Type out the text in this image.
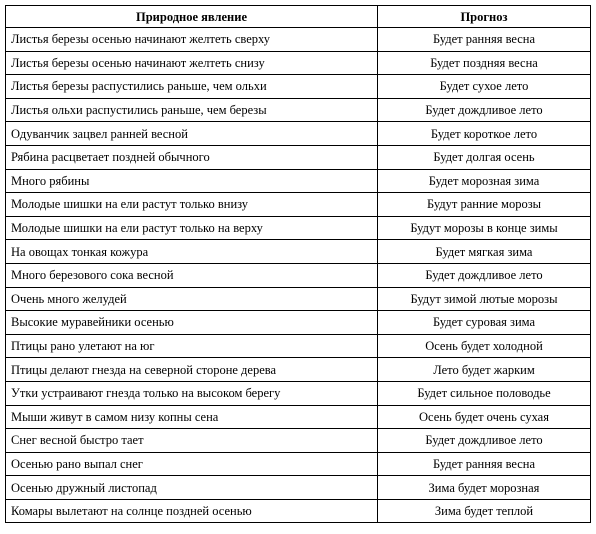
Природное явление	Прогноз
Листья березы осенью начинают желтеть сверху	Будет ранняя весна
Листья березы осенью начинают желтеть снизу	Будет поздняя весна
Листья березы распустились раньше, чем ольхи	Будет сухое лето
Листья ольхи распустились раньше, чем березы	Будет дождливое лето
Одуванчик зацвел ранней весной	Будет короткое лето
Рябина расцветает поздней обычного	Будет долгая осень
Много рябины	Будет морозная зима
Молодые шишки на ели растут только внизу	Будут ранние морозы
Молодые шишки на ели растут только на верху	Будут морозы в конце зимы
На овощах тонкая кожура	Будет мягкая зима
Много березового сока весной	Будет дождливое лето
Очень много желудей	Будут зимой лютые морозы
Высокие муравейники осенью	Будет суровая зима
Птицы рано улетают на юг	Осень будет холодной
Птицы делают гнезда на северной стороне дерева	Лето будет жарким
Утки устраивают гнезда только на высоком берегу	Будет сильное половодье
Мыши живут в самом низу копны сена	Осень будет очень сухая
Снег весной быстро тает	Будет дождливое лето
Осенью рано выпал снег	Будет ранняя весна
Осенью дружный листопад	Зима будет морозная
Комары вылетают на солнце поздней осенью	Зима будет теплой
